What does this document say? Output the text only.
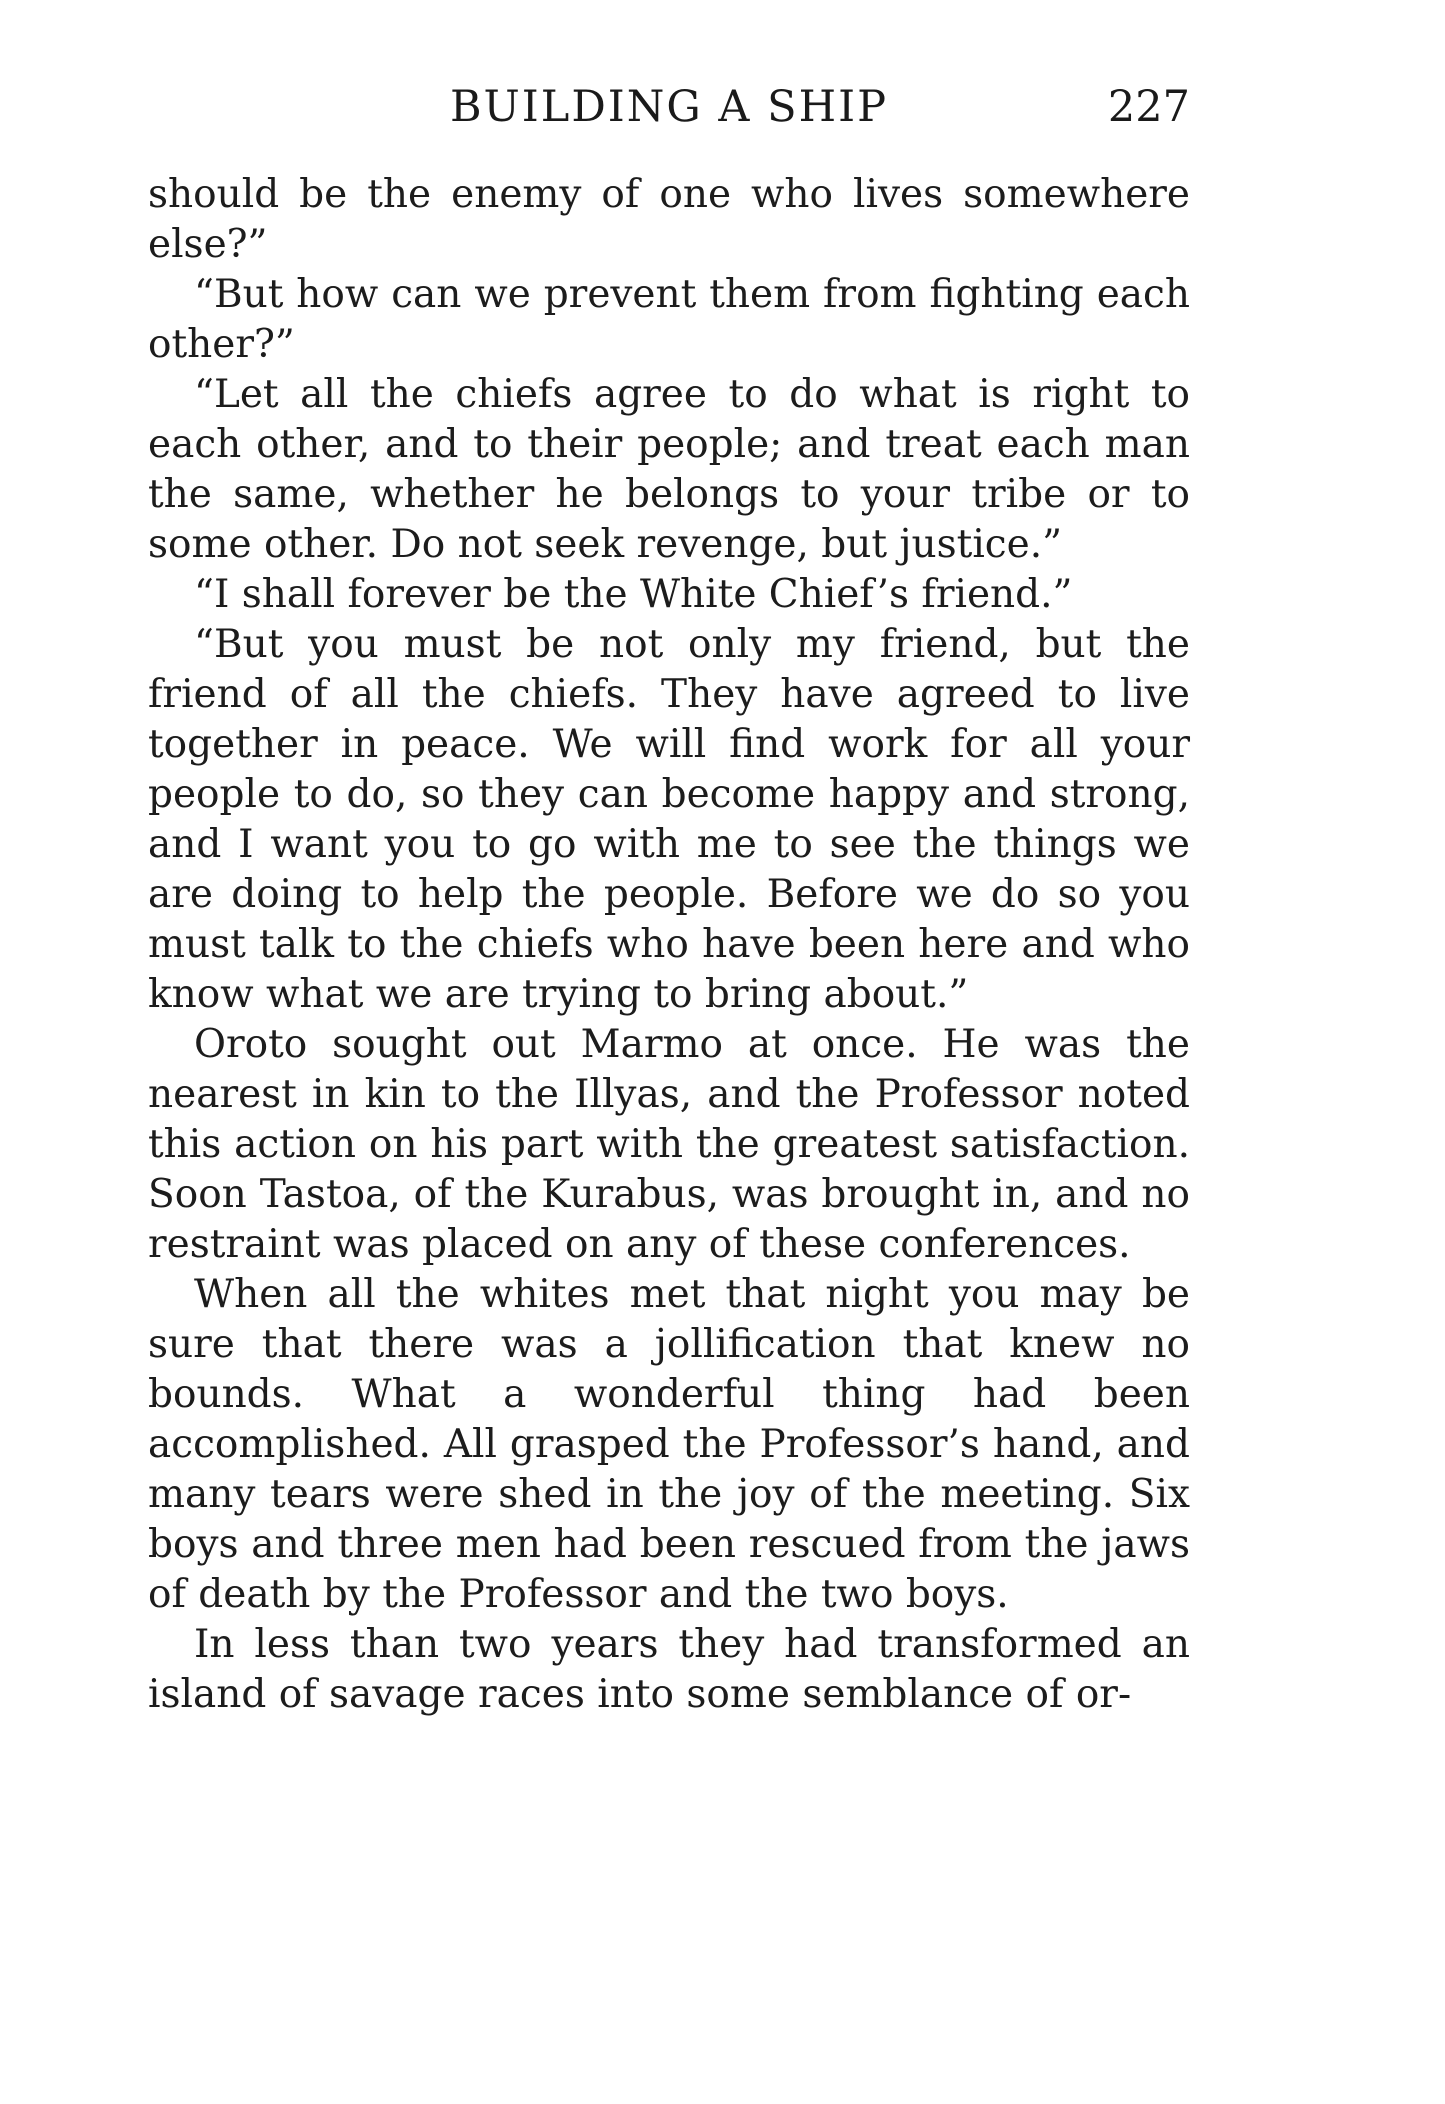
BUILDING A SHIP	227

should be the enemy of one who lives somewhere else?”

“But how can we prevent them from fighting each other?”

“Let all the chiefs agree to do what is right to each other, and to their people; and treat each man the same, whether he belongs to your tribe or to some other. Do not seek revenge, but justice.”

“I shall forever be the White Chief’s friend.”

“But you must be not only my friend, but the friend of all the chiefs. They have agreed to live together in peace. We will find work for all your people to do, so they can become happy and strong, and I want you to go with me to see the things we are doing to help the people. Before we do so you must talk to the chiefs who have been here and who know what we are trying to bring about.”

Oroto sought out Marmo at once. He was the nearest in kin to the Illyas, and the Professor noted this action on his part with the greatest satisfaction. Soon Tastoa, of the Kurabus, was brought in, and no restraint was placed on any of these conferences.

When all the whites met that night you may be sure that there was a jollification that knew no bounds. What a wonderful thing had been accomplished. All grasped the Professor’s hand, and many tears were shed in the joy of the meeting. Six boys and three men had been rescued from the jaws of death by the Professor and the two boys.

In less than two years they had transformed an island of savage races into some semblance of or-
